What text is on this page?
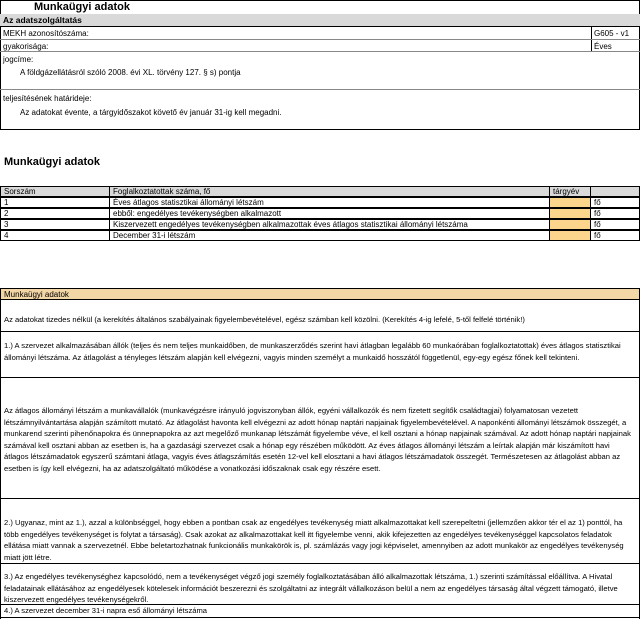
Munkaügyi adatok
Az adatszolgáltatás
MEKH azonosítószáma:	G605 - v1
gyakorisága:	Éves
jogcíme:
A földgázellátásról szóló 2008. évi XL. törvény 127. § s) pontja
teljesítésének határideje:
Az adatokat évente, a tárgyidőszakot követő év január 31-ig kell megadni.
Munkaügyi adatok
Sorszám	Foglalkoztatottak száma, fő	tárgyév
1	Éves átlagos statisztikai állományi létszám	fő
2	ebből: engedélyes tevékenységben alkalmazott	fő
3	Kiszervezett engedélyes tevékenységben alkalmazottak éves átlagos statisztikai állományi létszáma	fő
4	December 31-i létszám	fő
Munkaügyi adatok
Az adatokat tizedes nélkül (a kerekítés általános szabályainak figyelembevételével, egész számban kell közölni. (Kerekítés 4-ig lefelé, 5-től felfelé történik!)
1.) A szervezet alkalmazásában állók (teljes és nem teljes munkaidőben, de munkaszerződés szerint havi átlagban legalább 60 munkaórában foglalkoztatottak) éves átlagos statisztikai állományi létszáma. Az átlagolást a tényleges létszám alapján kell elvégezni, vagyis minden személyt a munkaidő hosszától függetlenül, egy-egy egész főnek kell tekinteni.
Az átlagos állományi létszám a munkavállalók (munkavégzésre irányuló jogviszonyban állók, egyéni vállalkozók és nem fizetett segítők családtagjai) folyamatosan vezetett létszámnyilvántartása alapján számított mutató. Az átlagolást havonta kell elvégezni az adott hónap naptári napjainak figyelembevételével. A naponkénti állományi létszámok összegét, a munkarend szerinti pihenőnapokra és ünnepnapokra az azt megelőző munkanap létszámát figyelembe véve, el kell osztani a hónap napjainak számával. Az adott hónap naptári napjainak számával kell osztani abban az esetben is, ha a gazdasági szervezet csak a hónap egy részében működött. Az éves átlagos állományi létszám a leírtak alapján már kiszámított havi átlagos létszámadatok egyszerű számtani átlaga, vagyis éves átlagszámítás esetén 12-vel kell elosztani a havi átlagos létszámadatok összegét. Természetesen az átlagolást abban az esetben is így kell elvégezni, ha az adatszolgáltató működése a vonatkozási időszaknak csak egy részére esett.
2.) Ugyanaz, mint az 1.), azzal a különbséggel, hogy ebben a pontban csak az engedélyes tevékenység miatt alkalmazottakat kell szerepeltetni (jellemzően akkor tér el az 1) ponttól, ha több engedélyes tevékenységet is folytat a társaság). Csak azokat az alkalmazottakat kell itt figyelembe venni, akik kifejezetten az engedélyes tevékenységgel kapcsolatos feladatok ellátása miatt vannak a szervezetnél. Ebbe beletartozhatnak funkcionális munkakörök is, pl. számlázás vagy jogi képviselet, amennyiben az adott munkakör az engedélyes tevékenység miatt jött létre.
3.) Az engedélyes tevékenységhez kapcsolódó, nem a tevékenységet végző jogi személy foglalkoztatásában álló alkalmazottak létszáma, 1.) szerinti számítással előállítva. A Hivatal feladatainak ellátásához az engedélyesek kötelesek információt beszerezni és szolgáltatni az integrált vállalkozáson belül a nem az engedélyes társaság által végzett támogató, illetve kiszervezett engedélyes tevékenységekről.
4.) A szervezet december 31-i napra eső állományi létszáma
